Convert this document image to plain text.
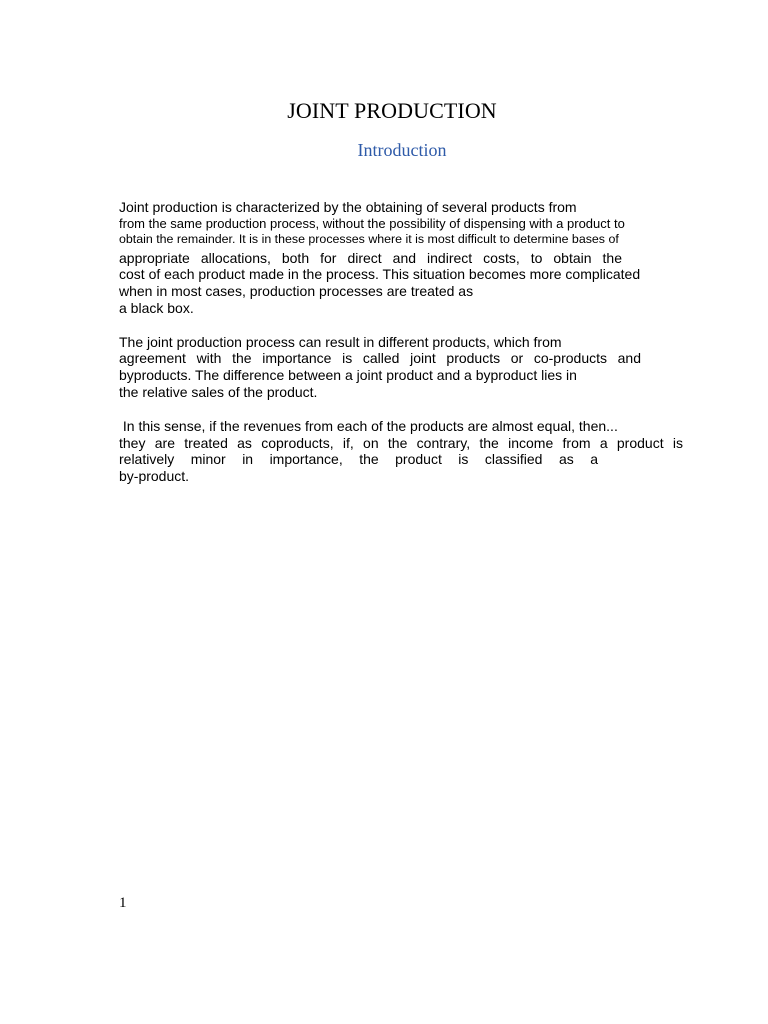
JOINT PRODUCTION
Introduction

Joint production is characterized by the obtaining of several products from

from the same production process, without the possibility of dispensing with a product to

obtain the remainder. It is in these processes where it is most difficult to determine bases of

appropriate allocations, both for direct and indirect costs, to obtain the

cost of each product made in the process. This situation becomes more complicated

when in most cases, production processes are treated as

a black box.

The joint production process can result in different products, which from

agreement with the importance is called joint products or co-products and

byproducts. The difference between a joint product and a byproduct lies in

the relative sales of the product.

In this sense, if the revenues from each of the products are almost equal, then...

they are treated as coproducts, if, on the contrary, the income from a product is

relatively minor in importance, the product is classified as a

by-product.

1
